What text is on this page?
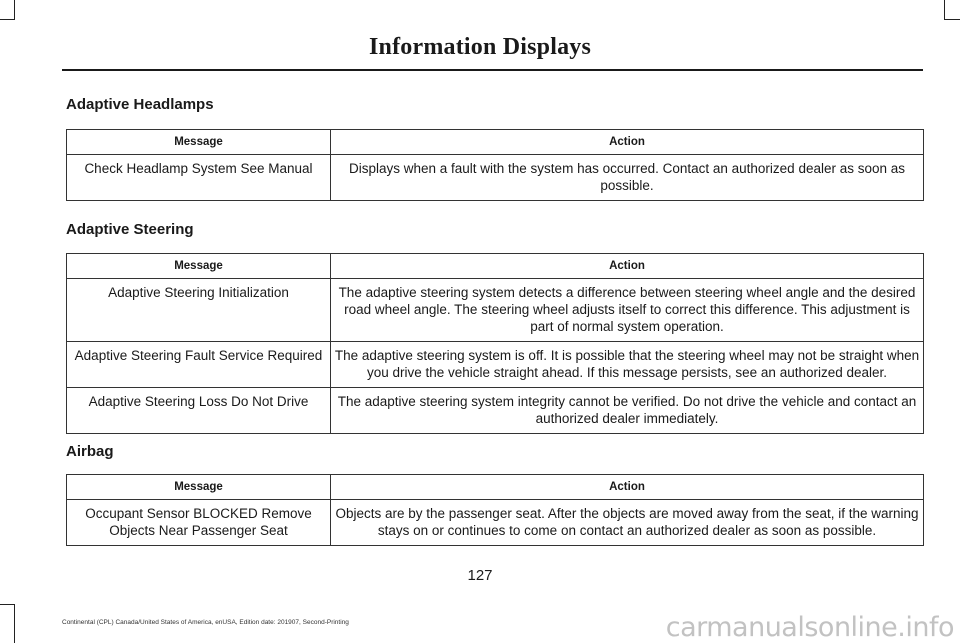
Information Displays
Adaptive Headlamps
Message	Action
Check Headlamp System See Manual	Displays when a fault with the system has occurred. Contact an authorized dealer as soon as possible.
Adaptive Steering
Message	Action
Adaptive Steering Initialization	The adaptive steering system detects a difference between steering wheel angle and the desired road wheel angle. The steering wheel adjusts itself to correct this difference. This adjustment is part of normal system operation.
Adaptive Steering Fault Service Required	The adaptive steering system is off. It is possible that the steering wheel may not be straight when you drive the vehicle straight ahead. If this message persists, see an authorized dealer.
Adaptive Steering Loss Do Not Drive	The adaptive steering system integrity cannot be verified. Do not drive the vehicle and contact an authorized dealer immediately.
Airbag
Message	Action
Occupant Sensor BLOCKED Remove Objects Near Passenger Seat	Objects are by the passenger seat. After the objects are moved away from the seat, if the warning stays on or continues to come on contact an authorized dealer as soon as possible.
127
Continental (CPL) Canada/United States of America, enUSA, Edition date: 201907, Second-Printing	carmanualsonline.info
